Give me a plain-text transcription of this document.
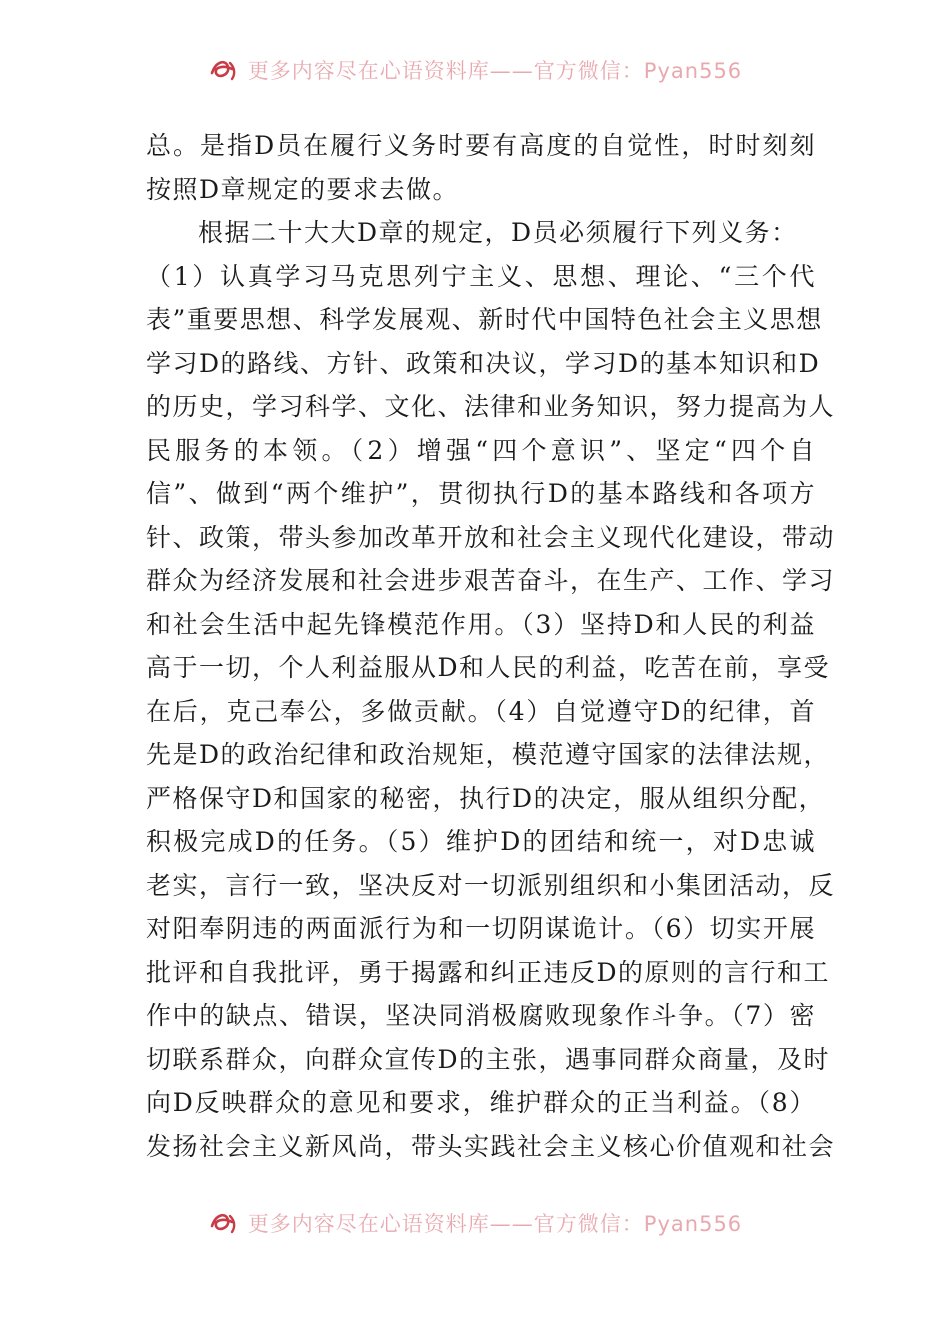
更多内容尽在心语资料库——官方微信：Pyan556
总。是指D员在履行义务时要有高度的自觉性，时时刻刻
按照D章规定的要求去做。
根据二十大大D章的规定，D员必须履行下列义务：
（1）认真学习马克思列宁主义、思想、理论、“三个代
表”重要思想、科学发展观、新时代中国特色社会主义思想
学习D的路线、方针、政策和决议，学习D的基本知识和D
的历史，学习科学、文化、法律和业务知识，努力提高为人
民服务的本领。（2）增强“四个意识”、坚定“四个自
信”、做到“两个维护”，贯彻执行D的基本路线和各项方
针、政策，带头参加改革开放和社会主义现代化建设，带动
群众为经济发展和社会进步艰苦奋斗，在生产、工作、学习
和社会生活中起先锋模范作用。（3）坚持D和人民的利益
高于一切，个人利益服从D和人民的利益，吃苦在前，享受
在后，克己奉公，多做贡献。（4）自觉遵守D的纪律，首
先是D的政治纪律和政治规矩，模范遵守国家的法律法规，
严格保守D和国家的秘密，执行D的决定，服从组织分配，
积极完成D的任务。（5）维护D的团结和统一，对D忠诚
老实，言行一致，坚决反对一切派别组织和小集团活动，反
对阳奉阴违的两面派行为和一切阴谋诡计。（6）切实开展
批评和自我批评，勇于揭露和纠正违反D的原则的言行和工
作中的缺点、错误，坚决同消极腐败现象作斗争。（7）密
切联系群众，向群众宣传D的主张，遇事同群众商量，及时
向D反映群众的意见和要求，维护群众的正当利益。（8）
发扬社会主义新风尚，带头实践社会主义核心价值观和社会
更多内容尽在心语资料库——官方微信：Pyan556
